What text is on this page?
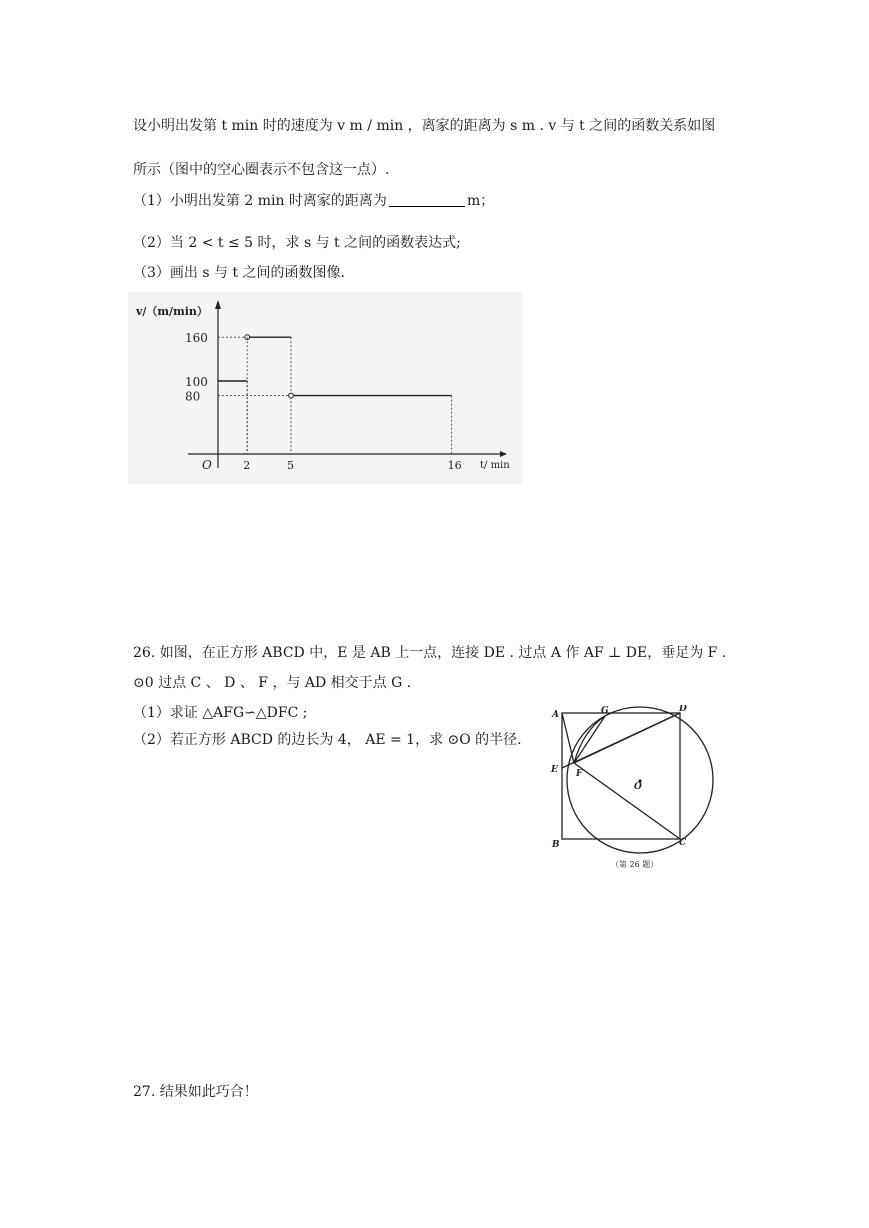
设小明出发第 t min 时的速度为 v m / min ，离家的距离为 s m . v 与 t 之间的函数关系如图
所示（图中的空心圈表示不包含这一点）.
（1）小明出发第 2 min 时离家的距离为	m；
（2）当 2 < t ≤ 5 时，求 s 与 t 之间的函数表达式;
（3）画出 s 与 t 之间的函数图像.
v/（m/min）
t/ min
O	2	5	16
160
100
80
26. 如图，在正方形 ABCD 中，E 是 AB 上一点，连接 DE . 过点 A 作 AF ⊥ DE，垂足为 F .
⊙0 过点 C 、 D 、 F ，与 AD 相交于点 G .
（1）求证 △AFG∽△DFC ;
（2）若正方形 ABCD 的边长为 4， AE = 1，求 ⊙O 的半径.
A	G	D
E F
O
B	C
（第 26 题）
27. 结果如此巧合！
